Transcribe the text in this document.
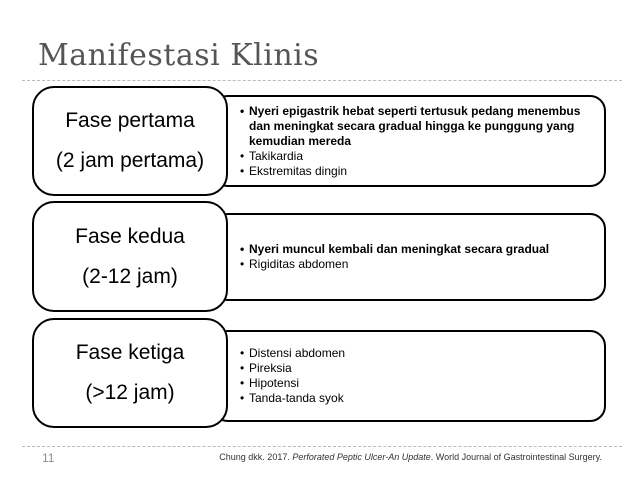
Manifestasi Klinis
• Nyeri epigastrik hebat seperti tertusuk pedang menembus dan meningkat secara gradual hingga ke punggung yang kemudian mereda
• Takikardia
• Ekstremitas dingin
Fase pertama
(2 jam pertama)
• Nyeri muncul kembali dan meningkat secara gradual
• Rigiditas abdomen
Fase kedua
(2-12 jam)
• Distensi abdomen
• Pireksia
• Hipotensi
• Tanda-tanda syok
Fase ketiga
(>12 jam)
11	Chung dkk. 2017. Perforated Peptic Ulcer-An Update. World Journal of Gastrointestinal Surgery.
